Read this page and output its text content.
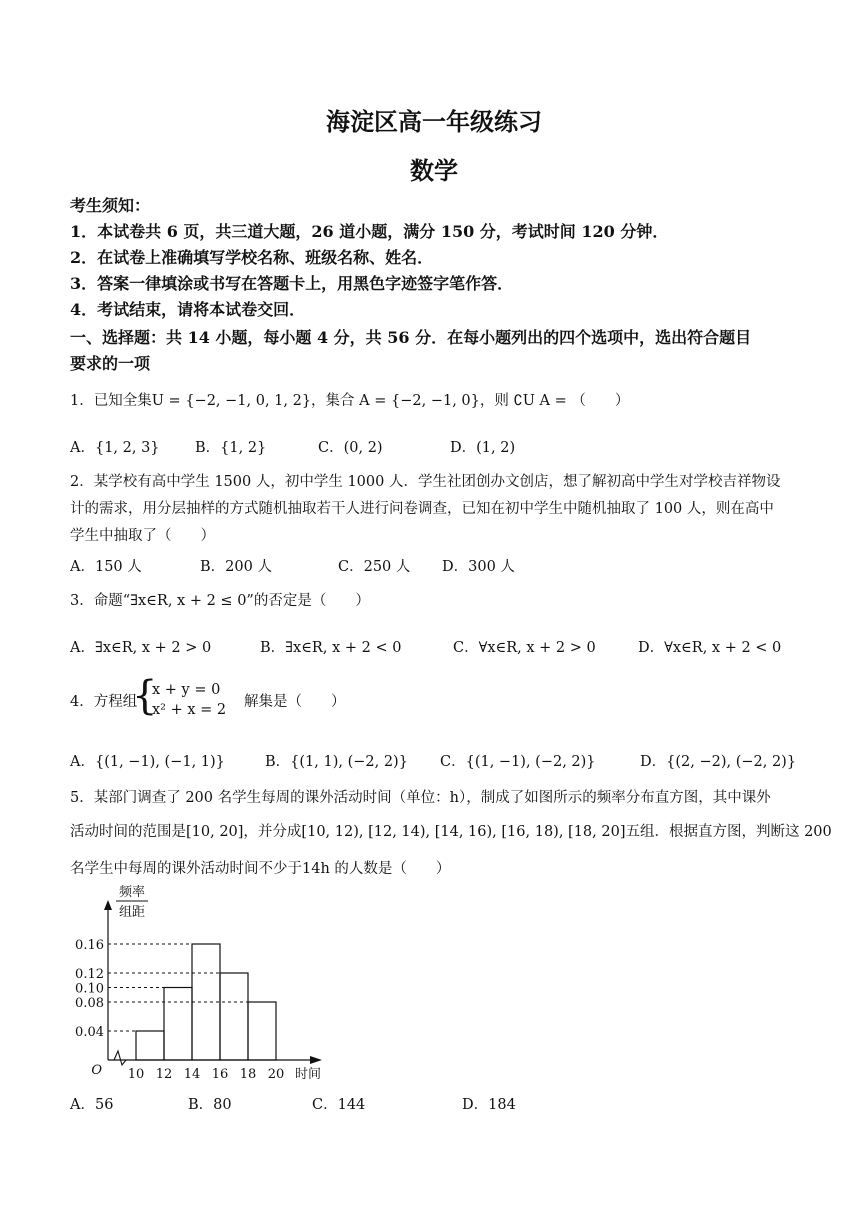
海淀区高一年级练习
数学
考生须知：
1．本试卷共 6 页，共三道大题，26 道小题，满分 150 分，考试时间 120 分钟．
2．在试卷上准确填写学校名称、班级名称、姓名．
3．答案一律填涂或书写在答题卡上，用黑色字迹签字笔作答．
4．考试结束，请将本试卷交回．
一、选择题：共 14 小题，每小题 4 分，共 56 分．在每小题列出的四个选项中，选出符合题目
要求的一项
1．已知全集U = {−2, −1, 0, 1, 2}，集合 A = {−2, −1, 0}，则 ∁U A = （　　）
A．{1, 2, 3} B．{1, 2}	C．(0, 2)	D．(1, 2)
2．某学校有高中学生 1500 人，初中学生 1000 人．学生社团创办文创店，想了解初高中学生对学校吉祥物设
计的需求，用分层抽样的方式随机抽取若干人进行问卷调查，已知在初中学生中随机抽取了 100 人，则在高中
学生中抽取了（　　）
A．150 人	B．200 人	C．250 人 D．300 人
3．命题“∃x∈R, x + 2 ≤ 0”的否定是（　　）
A．∃x∈R, x + 2 > 0	B．∃x∈R, x + 2 < 0	C．∀x∈R, x + 2 > 0	D．∀x∈R, x + 2 < 0
4．方程组
{
x + y = 0
x² + x = 2 解集是（　　）
A．{(1, −1), (−1, 1)}	B．{(1, 1), (−2, 2)} C．{(1, −1), (−2, 2)}	D．{(2, −2), (−2, 2)}
5．某部门调查了 200 名学生每周的课外活动时间（单位：h），制成了如图所示的频率分布直方图，其中课外
活动时间的范围是[10, 20]，并分成[10, 12), [12, 14), [14, 16), [16, 18), [18, 20]五组．根据直方图，判断这 200
名学生中每周的课外活动时间不少于14h 的人数是（　　）
0.04
0.08
0.10
0.12
0.16
10 12 14 16 18 20
O	时间
频率
组距
A．56	B．80	C．144	D．184
